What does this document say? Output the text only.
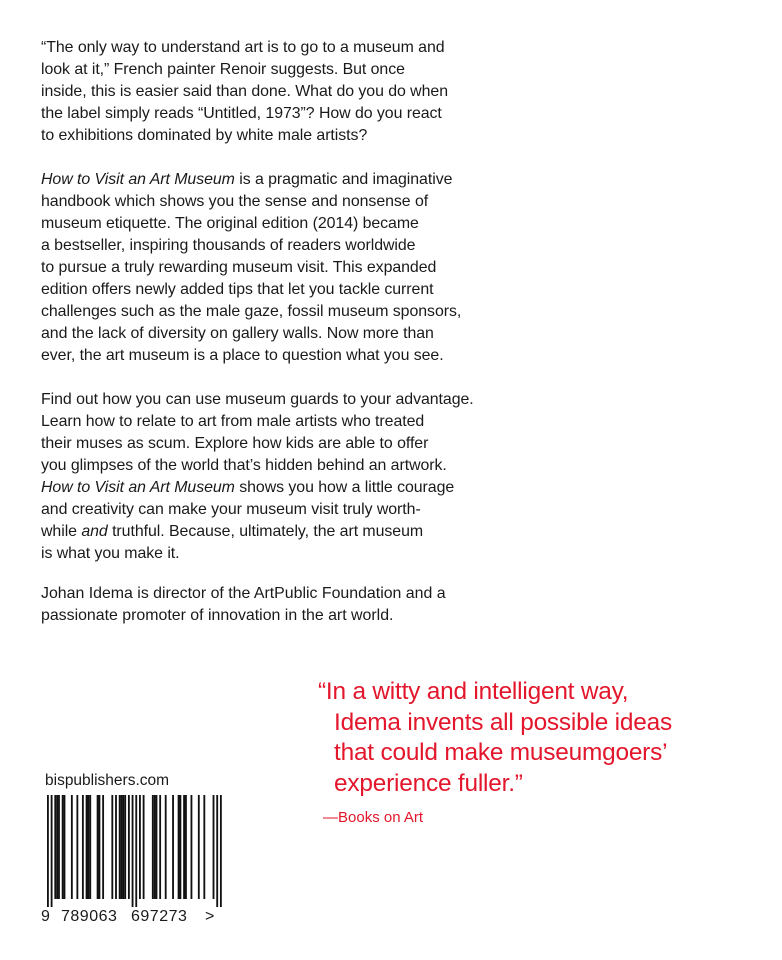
“The only way to understand art is to go to a museum and
look at it,” French painter Renoir suggests. But once
inside, this is easier said than done. What do you do when
the label simply reads “Untitled, 1973”? How do you react
to exhibitions dominated by white male artists?
How to Visit an Art Museum is a pragmatic and imaginative
handbook which shows you the sense and nonsense of
museum etiquette. The original edition (2014) became
a bestseller, inspiring thousands of readers worldwide
to pursue a truly rewarding museum visit. This expanded
edition offers newly added tips that let you tackle current
challenges such as the male gaze, fossil museum sponsors,
and the lack of diversity on gallery walls. Now more than
ever, the art museum is a place to question what you see.
Find out how you can use museum guards to your advantage.
Learn how to relate to art from male artists who treated
their muses as scum. Explore how kids are able to offer
you glimpses of the world that’s hidden behind an artwork.
How to Visit an Art Museum shows you how a little courage
and creativity can make your museum visit truly worth-
while and truthful. Because, ultimately, the art museum
is what you make it.
Johan Idema is director of the ArtPublic Foundation and a
passionate promoter of innovation in the art world.
“In a witty and intelligent way,
Idema invents all possible ideas
that could make museumgoers’
experience fuller.”
—Books on Art
bispublishers.com
9 789063 697273 >
